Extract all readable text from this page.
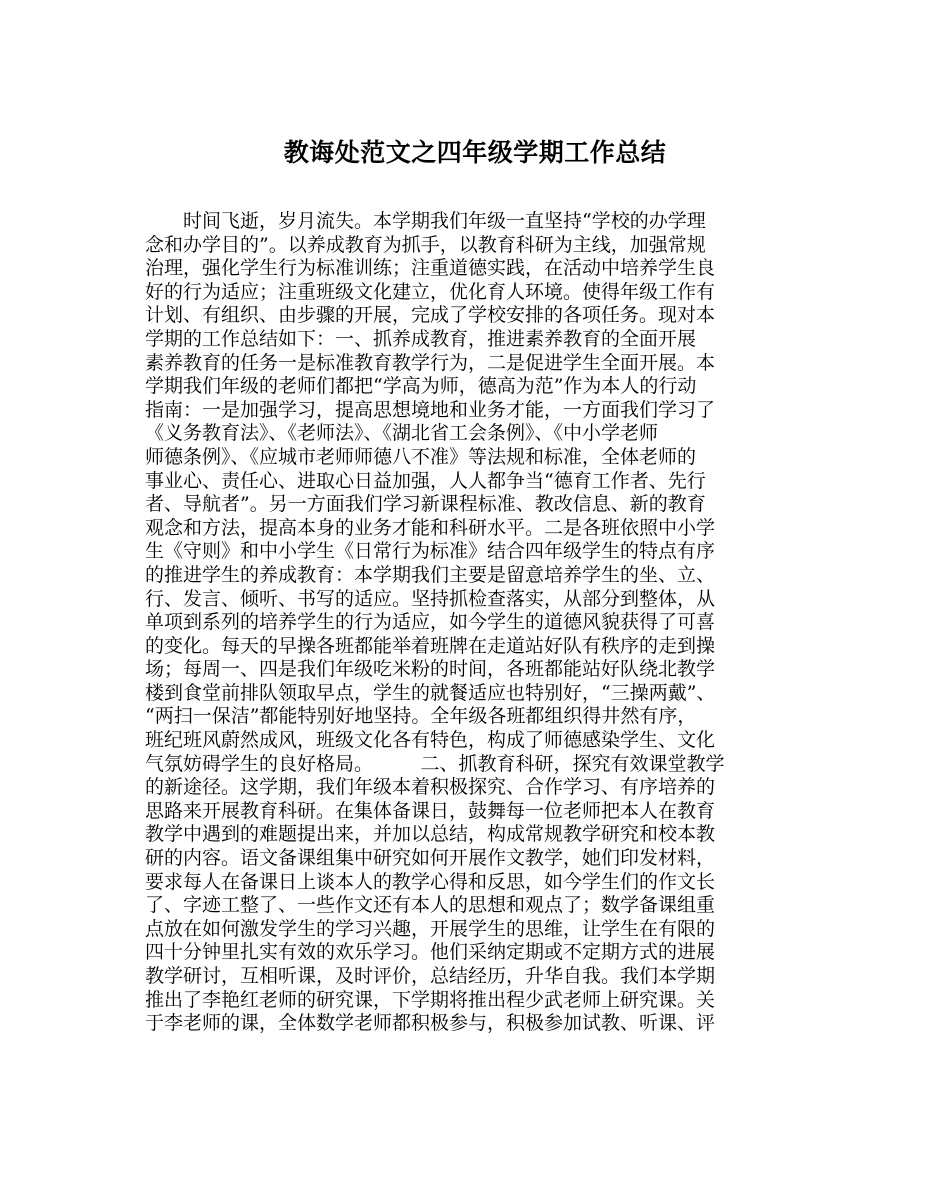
教诲处范文之四年级学期工作总结

时间飞逝，岁月流失。本学期我们年级一直坚持“学校的办学理

念和办学目的”。以养成教育为抓手，以教育科研为主线，加强常规

治理，强化学生行为标准训练；注重道德实践，在活动中培养学生良

好的行为适应；注重班级文化建立，优化育人环境。使得年级工作有

计划、有组织、由步骤的开展，完成了学校安排的各项任务。现对本

学期的工作总结如下：一、抓养成教育，推进素养教育的全面开展

素养教育的任务一是标准教育教学行为，二是促进学生全面开展。本

学期我们年级的老师们都把“学高为师，德高为范”作为本人的行动

指南：一是加强学习，提高思想境地和业务才能，一方面我们学习了

《义务教育法》、《老师法》、《湖北省工会条例》、《中小学老师

师德条例》、《应城市老师师德八不准》等法规和标准，全体老师的

事业心、责任心、进取心日益加强，人人都争当“德育工作者、先行

者、导航者”。另一方面我们学习新课程标准、教改信息、新的教育

观念和方法，提高本身的业务才能和科研水平。二是各班依照中小学

生《守则》和中小学生《日常行为标准》结合四年级学生的特点有序

的推进学生的养成教育：本学期我们主要是留意培养学生的坐、立、

行、发言、倾听、书写的适应。坚持抓检查落实，从部分到整体，从

单项到系列的培养学生的行为适应，如今学生的道德风貌获得了可喜

的变化。每天的早操各班都能举着班牌在走道站好队有秩序的走到操

场；每周一、四是我们年级吃米粉的时间，各班都能站好队绕北教学

楼到食堂前排队领取早点，学生的就餐适应也特别好，“三操两戴”、

“两扫一保洁”都能特别好地坚持。全年级各班都组织得井然有序，

班纪班风蔚然成风，班级文化各有特色，构成了师德感染学生、文化

气氛妨碍学生的良好格局。　　　二、抓教育科研，探究有效课堂教学

的新途径。这学期，我们年级本着积极探究、合作学习、有序培养的

思路来开展教育科研。在集体备课日，鼓舞每一位老师把本人在教育

教学中遇到的难题提出来，并加以总结，构成常规教学研究和校本教

研的内容。语文备课组集中研究如何开展作文教学，她们印发材料，

要求每人在备课日上谈本人的教学心得和反思，如今学生们的作文长

了、字迹工整了、一些作文还有本人的思想和观点了；数学备课组重

点放在如何激发学生的学习兴趣，开展学生的思维，让学生在有限的

四十分钟里扎实有效的欢乐学习。他们采纳定期或不定期方式的进展

教学研讨，互相听课，及时评价，总结经历，升华自我。我们本学期

推出了李艳红老师的研究课，下学期将推出程少武老师上研究课。关

于李老师的课，全体数学老师都积极参与，积极参加试教、听课、评
